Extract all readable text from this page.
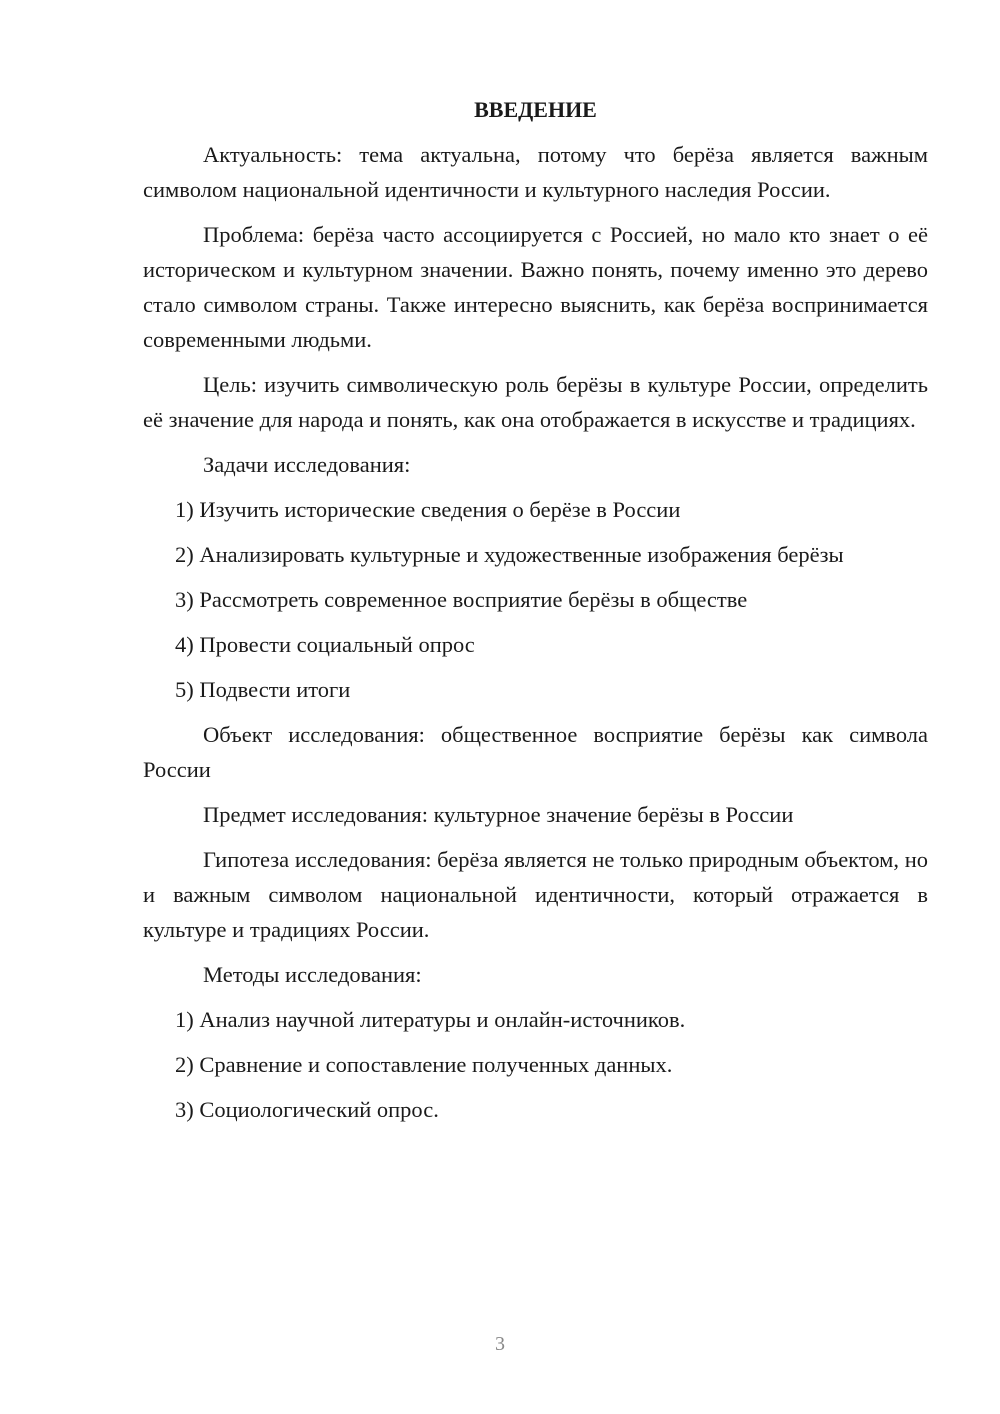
ВВЕДЕНИЕ

Актуальность: тема актуальна, потому что берёза является важным символом национальной идентичности и культурного наследия России.

Проблема: берёза часто ассоциируется с Россией, но мало кто знает о её историческом и культурном значении. Важно понять, почему именно это дерево стало символом страны. Также интересно выяснить, как берёза воспринимается современными людьми.

Цель: изучить символическую роль берёзы в культуре России, определить её значение для народа и понять, как она отображается в искусстве и традициях.

Задачи исследования:

1) Изучить исторические сведения о берёзе в России
2) Анализировать культурные и художественные изображения берёзы
3) Рассмотреть современное восприятие берёзы в обществе
4) Провести социальный опрос
5) Подвести итоги

Объект исследования: общественное восприятие берёзы как символа России

Предмет исследования: культурное значение берёзы в России

Гипотеза исследования: берёза является не только природным объектом, но и важным символом национальной идентичности, который отражается в культуре и традициях России.

Методы исследования:

1) Анализ научной литературы и онлайн-источников.
2) Сравнение и сопоставление полученных данных.
3) Социологический опрос.
3
